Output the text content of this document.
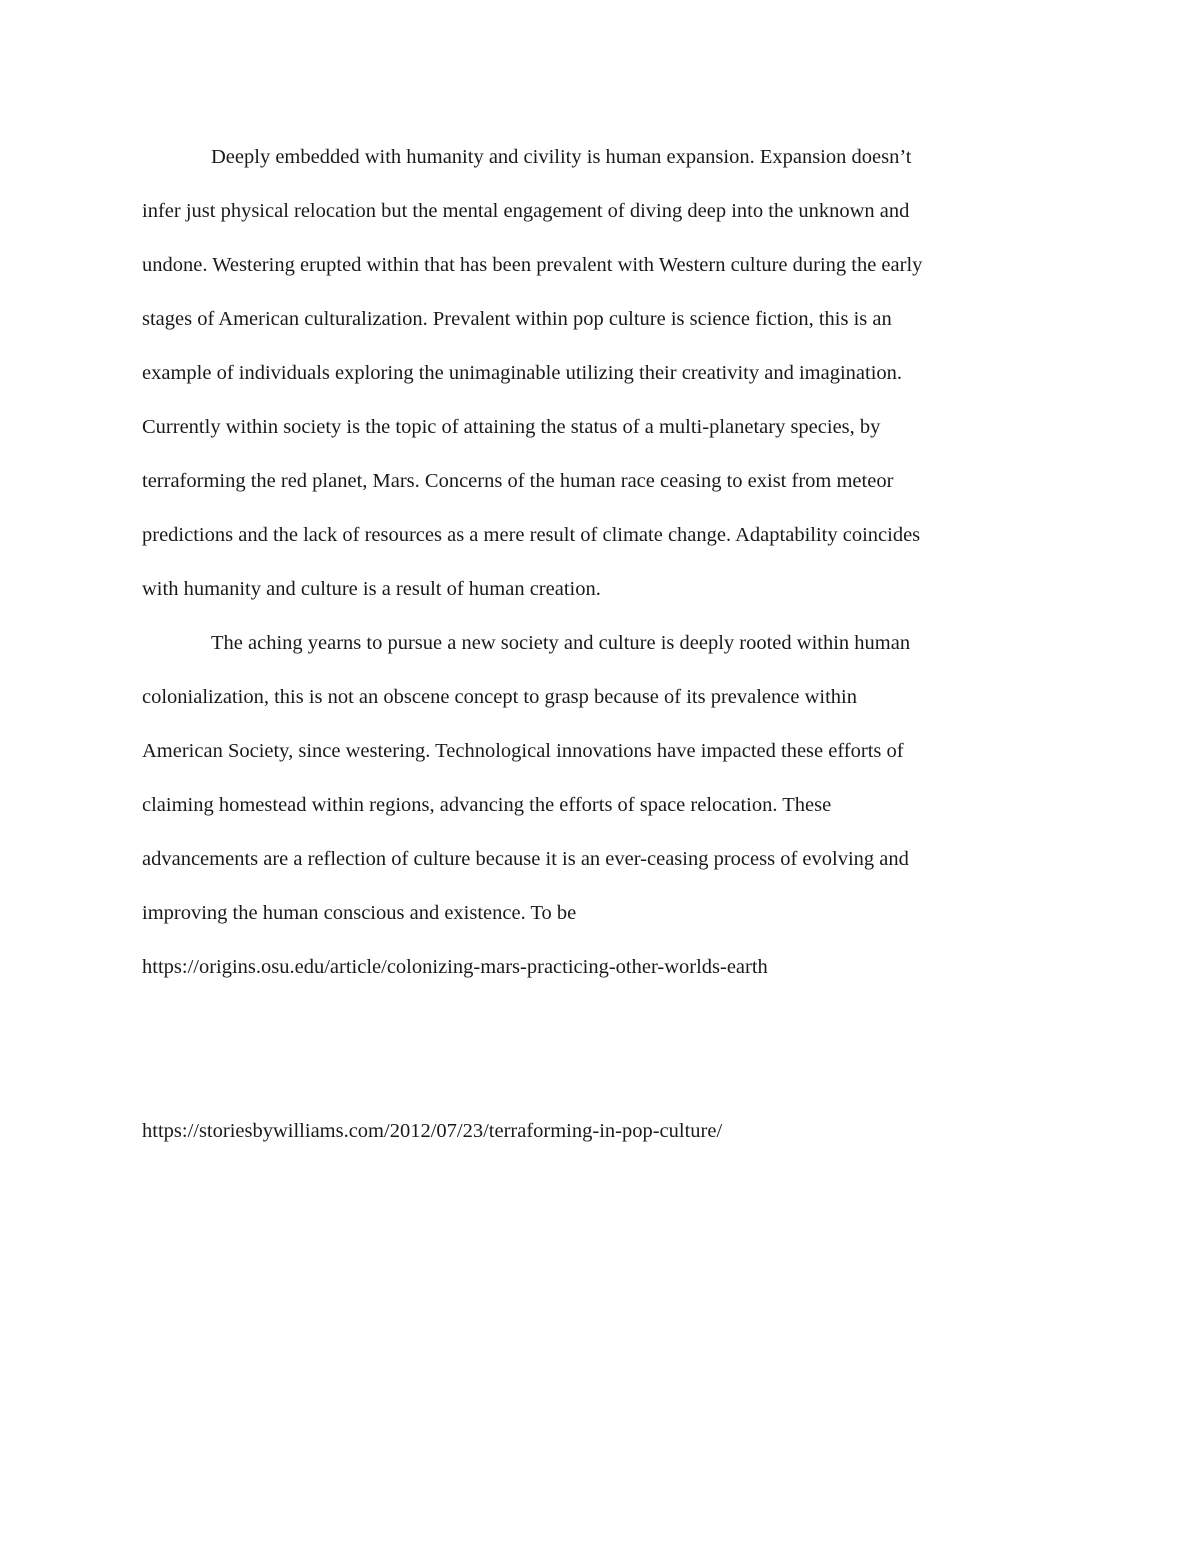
Deeply embedded with humanity and civility is human expansion. Expansion doesn’t
infer just physical relocation but the mental engagement of diving deep into the unknown and
undone. Westering erupted within that has been prevalent with Western culture during the early
stages of American culturalization. Prevalent within pop culture is science fiction, this is an
example of individuals exploring the unimaginable utilizing their creativity and imagination.
Currently within society is the topic of attaining the status of a multi-planetary species, by
terraforming the red planet, Mars. Concerns of the human race ceasing to exist from meteor
predictions and the lack of resources as a mere result of climate change. Adaptability coincides
with humanity and culture is a result of human creation.
The aching yearns to pursue a new society and culture is deeply rooted within human
colonialization, this is not an obscene concept to grasp because of its prevalence within
American Society, since westering. Technological innovations have impacted these efforts of
claiming homestead within regions, advancing the efforts of space relocation. These
advancements are a reflection of culture because it is an ever-ceasing process of evolving and
improving the human conscious and existence. To be
https://origins.osu.edu/article/colonizing-mars-practicing-other-worlds-earth
https://storiesbywilliams.com/2012/07/23/terraforming-in-pop-culture/
